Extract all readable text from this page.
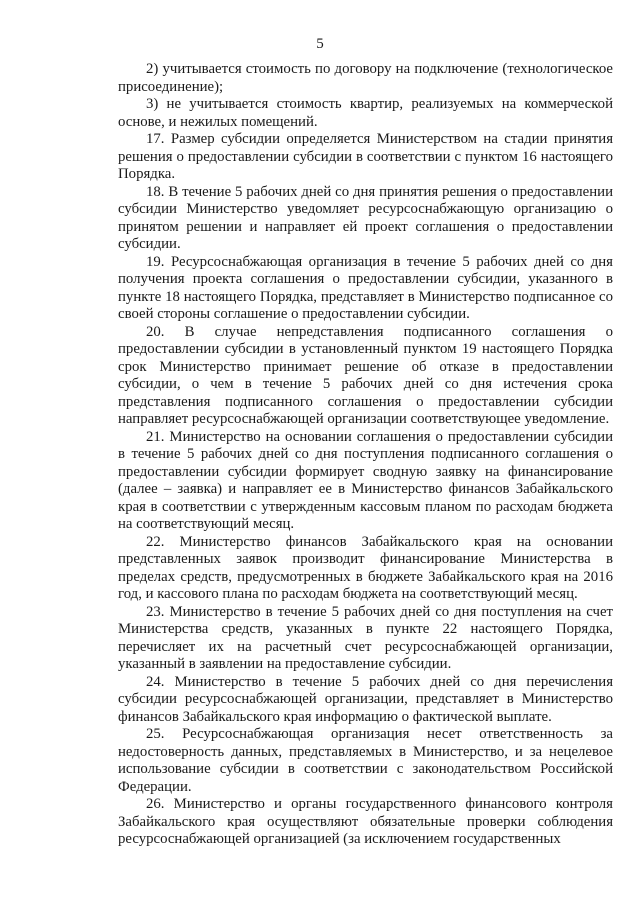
5

2) учитывается стоимость по договору на подключение (технологическое присоединение);

3) не учитывается стоимость квартир, реализуемых на коммерческой основе, и нежилых помещений.

17. Размер субсидии определяется Министерством на стадии принятия решения о предоставлении субсидии в соответствии с пунктом 16 настоящего Порядка.

18. В течение 5 рабочих дней со дня принятия решения о предоставлении субсидии Министерство уведомляет ресурсоснабжающую организацию о принятом решении и направляет ей проект соглашения о предоставлении субсидии.

19. Ресурсоснабжающая организация в течение 5 рабочих дней со дня получения проекта соглашения о предоставлении субсидии, указанного в пункте 18 настоящего Порядка, представляет в Министерство подписанное со своей стороны соглашение о предоставлении субсидии.

20. В случае непредставления подписанного соглашения о предоставлении субсидии в установленный пунктом 19 настоящего Порядка срок Министерство принимает решение об отказе в предоставлении субсидии, о чем в течение 5 рабочих дней со дня истечения срока представления подписанного соглашения о предоставлении субсидии направляет ресурсоснабжающей организации соответствующее уведомление.

21. Министерство на основании соглашения о предоставлении субсидии в течение 5 рабочих дней со дня поступления подписанного соглашения о предоставлении субсидии формирует сводную заявку на финансирование (далее – заявка) и направляет ее в Министерство финансов Забайкальского края в соответствии с утвержденным кассовым планом по расходам бюджета на соответствующий месяц.

22. Министерство финансов Забайкальского края на основании представленных заявок производит финансирование Министерства в пределах средств, предусмотренных в бюджете Забайкальского края на 2016 год, и кассового плана по расходам бюджета на соответствующий месяц.

23. Министерство в течение 5 рабочих дней со дня поступления на счет Министерства средств, указанных в пункте 22 настоящего Порядка, перечисляет их на расчетный счет ресурсоснабжающей организации, указанный в заявлении на предоставление субсидии.

24. Министерство в течение 5 рабочих дней со дня перечисления субсидии ресурсоснабжающей организации, представляет в Министерство финансов Забайкальского края информацию о фактической выплате.

25. Ресурсоснабжающая организация несет ответственность за недостоверность данных, представляемых в Министерство, и за нецелевое использование субсидии в соответствии с законодательством Российской Федерации.

26. Министерство и органы государственного финансового контроля Забайкальского края осуществляют обязательные проверки соблюдения ресурсоснабжающей организацией (за исключением государственных
